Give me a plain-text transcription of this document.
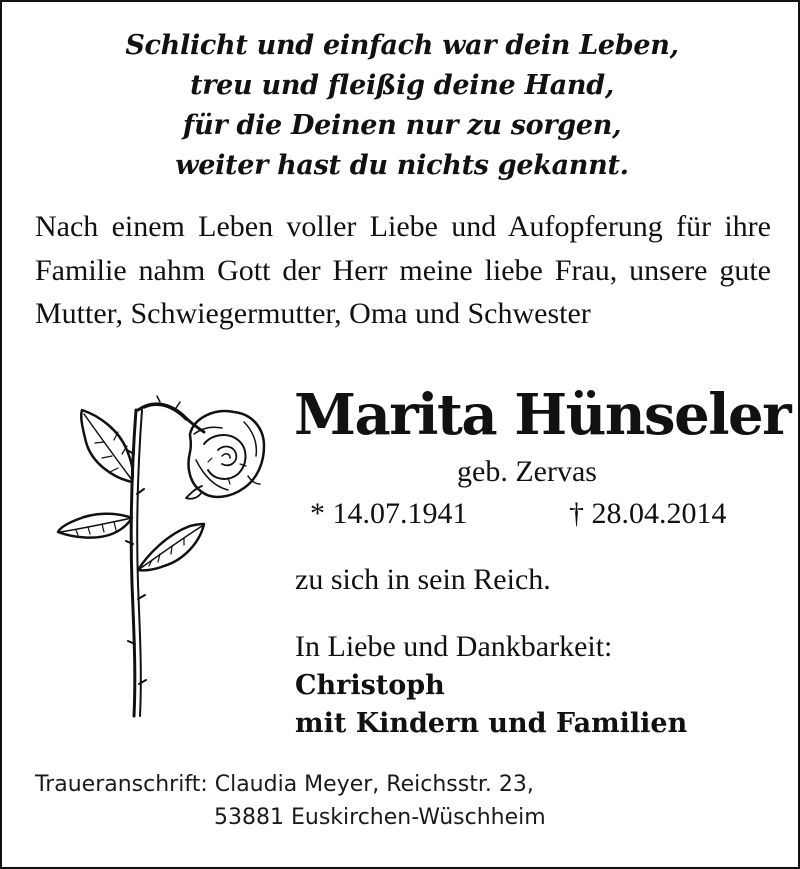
Schlicht und einfach war dein Leben,
treu und fleißig deine Hand,
für die Deinen nur zu sorgen,
weiter hast du nichts gekannt.
Nach einem Leben voller Liebe und Aufopferung für ihre Familie nahm Gott der Herr meine liebe Frau, unsere gute Mutter, Schwiegermutter, Oma und Schwester
Marita Hünseler
geb. Zervas
* 14.07.1941	† 28.04.2014
zu sich in sein Reich.
In Liebe und Dankbarkeit:
Christoph
mit Kindern und Familien
Traueranschrift: Claudia Meyer, Reichsstr. 23,
53881 Euskirchen-Wüschheim
